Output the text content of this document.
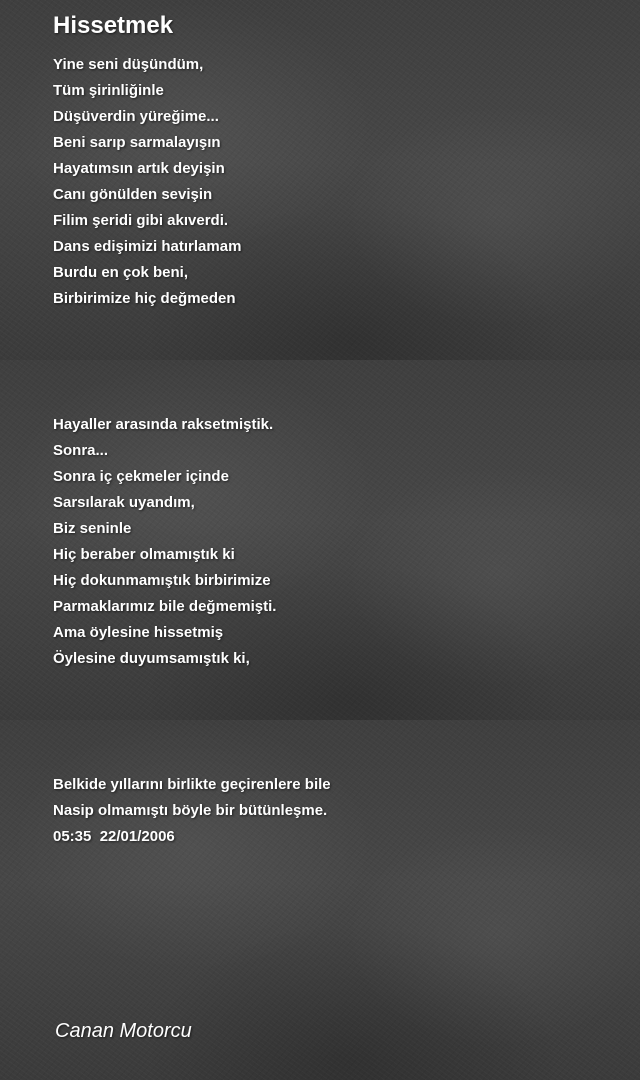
Hissetmek
Yine seni düşündüm,
Tüm şirinliğinle
Düşüverdin yüreğime...
Beni sarıp sarmalayışın
Hayatımsın artık deyişin
Canı gönülden sevişin
Filim şeridi gibi akıverdi.
Dans edişimizi hatırlamam
Burdu en çok beni,
Birbirimize hiç değmeden
Hayaller arasında raksetmiştik.
Sonra...
Sonra iç çekmeler içinde
Sarsılarak uyandım,
Biz seninle
Hiç beraber olmamıştık ki
Hiç dokunmamıştık birbirimize
Parmaklarımız bile değmemişti.
Ama öylesine hissetmiş
Öylesine duyumsamıştık ki,
Belkide yıllarını birlikte geçirenlere bile
Nasip olmamıştı böyle bir bütünleşme.
05:35  22/01/2006
Canan Motorcu
